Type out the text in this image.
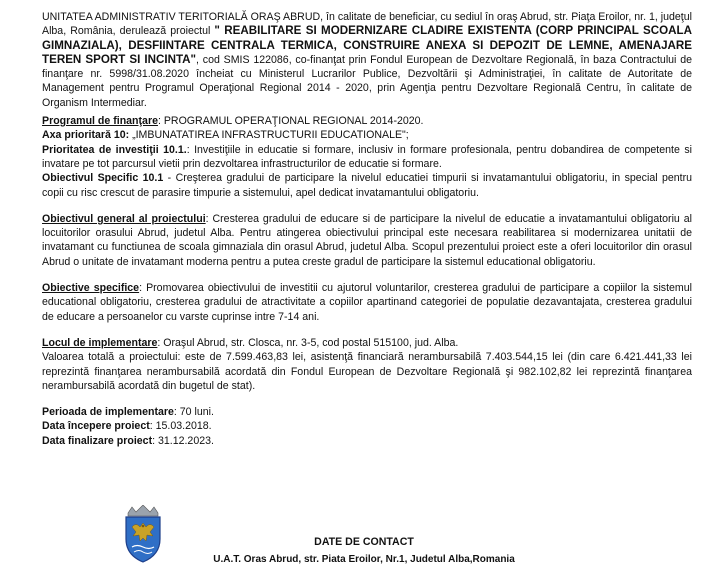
UNITATEA ADMINISTRATIV TERITORIALĂ ORAŞ ABRUD, în calitate de beneficiar, cu sediul în oraş Abrud, str. Piaţa Eroilor, nr. 1, judeţul Alba, România, derulează proiectul " REABILITARE SI MODERNIZARE CLADIRE EXISTENTA (CORP PRINCIPAL SCOALA GIMNAZIALA), DESFIINTARE CENTRALA TERMICA, CONSTRUIRE ANEXA SI DEPOZIT DE LEMNE, AMENAJARE TEREN SPORT SI INCINTA", cod SMIS 122086, co-finanţat prin Fondul European de Dezvoltare Regională, în baza Contractului de finanţare nr. 5998/31.08.2020 încheiat cu Ministerul Lucrarilor Publice, Dezvoltării şi Administraţiei, în calitate de Autoritate de Management pentru Programul Operaţional Regional 2014 - 2020, prin Agenţia pentru Dezvoltare Regională Centru, în calitate de Organism Intermediar.

Programul de finanţare: PROGRAMUL OPERAŢIONAL REGIONAL 2014-2020.

Axa prioritară 10: „IMBUNATATIREA INFRASTRUCTURII EDUCATIONALE";

Prioritatea de investiţii 10.1.: Investiţiile in educatie si formare, inclusiv in formare profesionala, pentru dobandirea de competente si invatare pe tot parcursul vietii prin dezvoltarea infrastructurilor de educatie si formare.

Obiectivul Specific 10.1 - Creşterea gradului de participare la nivelul educatiei timpurii si invatamantului obligatoriu, in special pentru copii cu risc crescut de parasire timpurie a sistemului, apel dedicat invatamantului obligatoriu.

Obiectivul general al proiectului: Cresterea gradului de educare si de participare la nivelul de educatie a invatamantului obligatoriu al locuitorilor orasului Abrud, judetul Alba. Pentru atingerea obiectivului principal este necesara reabilitarea si modernizarea unitatii de invatamant cu functiunea de scoala gimnaziala din orasul Abrud, judetul Alba. Scopul prezentului proiect este a oferi locuitorilor din orasul Abrud o unitate de invatamant moderna pentru a putea creste gradul de participare la sistemul educational obligatoriu.

Obiective specifice: Promovarea obiectivului de investitii cu ajutorul voluntarilor, cresterea gradului de participare a copiilor la sistemul educational obligatoriu, cresterea gradului de atractivitate a copiilor apartinand categoriei de populatie dezavantajata, cresterea gradului de educare a persoanelor cu varste cuprinse intre 7-14 ani.

Locul de implementare: Oraşul Abrud, str. Closca, nr. 3-5, cod postal 515100, jud. Alba.

Valoarea totală a proiectului: este de 7.599.463,83 lei, asistenţă financiară nerambursabilă 7.403.544,15 lei (din care 6.421.441,33 lei reprezintă finanţarea nerambursabilă acordată din Fondul European de Dezvoltare Regională şi 982.102,82 lei reprezintă finanţarea nerambursabilă acordată din bugetul de stat).

Perioada de implementare: 70 luni.

Data începere proiect: 15.03.2018.

Data finalizare proiect: 31.12.2023.

DATE DE CONTACT
U.A.T. Oras Abrud, str. Piata Eroilor, Nr.1, Judetul Alba,Romania
